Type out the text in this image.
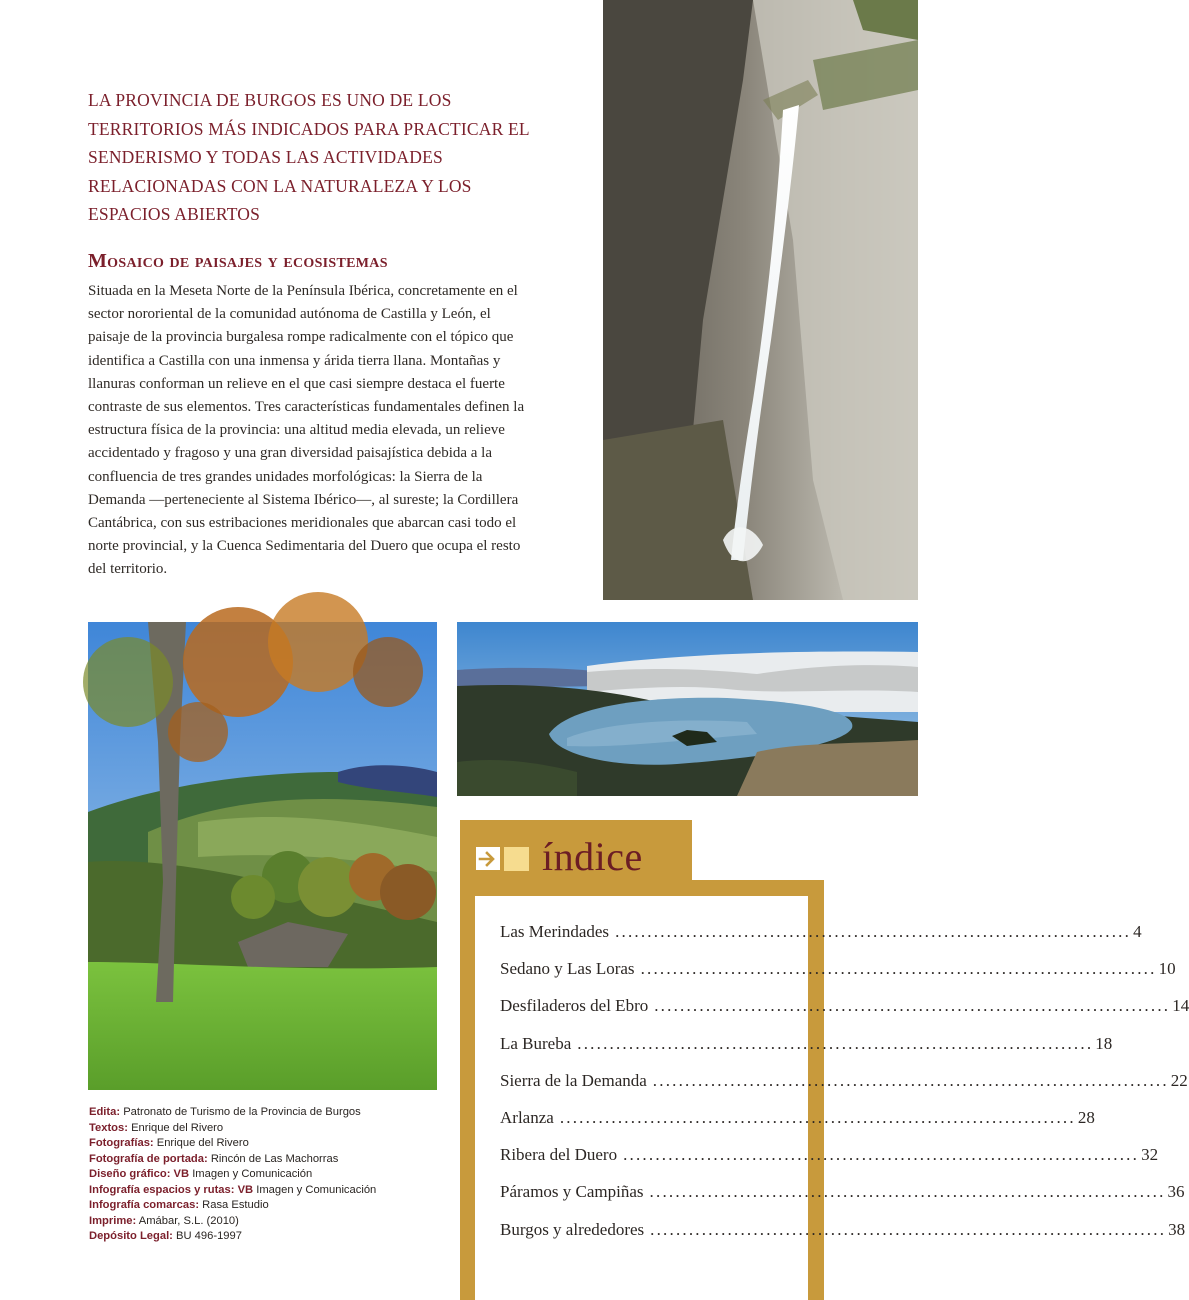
LA PROVINCIA DE BURGOS ES UNO DE LOS TERRITORIOS MÁS INDICADOS PARA PRACTICAR EL SENDERISMO Y TODAS LAS ACTIVIDADES RELACIONADAS CON LA NATURALEZA Y LOS ESPACIOS ABIERTOS
Mosaico de paisajes y ecosistemas

Situada en la Meseta Norte de la Península Ibérica, concretamente en el sector nororiental de la comunidad autónoma de Castilla y León, el paisaje de la provincia burgalesa rompe radicalmente con el tópico que identifica a Castilla con una inmensa y árida tierra llana. Montañas y llanuras conforman un relieve en el que casi siempre destaca el fuerte contraste de sus elementos. Tres características fundamentales definen la estructura física de la provincia: una altitud media elevada, un relieve accidentado y fragoso y una gran diversidad paisajística debida a la confluencia de tres grandes unidades morfológicas: la Sierra de la Demanda —perteneciente al Sistema Ibérico—, al sureste; la Cordillera Cantábrica, con sus estribaciones meridionales que abarcan casi todo el norte provincial, y la Cuenca Sedimentaria del Duero que ocupa el resto del territorio.

Edita: Patronato de Turismo de la Provincia de Burgos
Textos: Enrique del Rivero
Fotografías: Enrique del Rivero
Fotografía de portada: Rincón de Las Machorras
Diseño gráfico: VB Imagen y Comunicación
Infografía espacios y rutas: VB Imagen y Comunicación
Infografía comarcas: Rasa Estudio
Imprime: Amábar, S.L. (2010)
Depósito Legal: BU 496-1997
índice
Las Merindades ................................................................................ 4
Sedano y Las Loras ................................................................................ 10
Desfiladeros del Ebro ................................................................................ 14
La Bureba ................................................................................ 18
Sierra de la Demanda ................................................................................ 22
Arlanza ................................................................................ 28
Ribera del Duero ................................................................................ 32
Páramos y Campiñas ................................................................................ 36
Burgos y alrededores ................................................................................ 38
